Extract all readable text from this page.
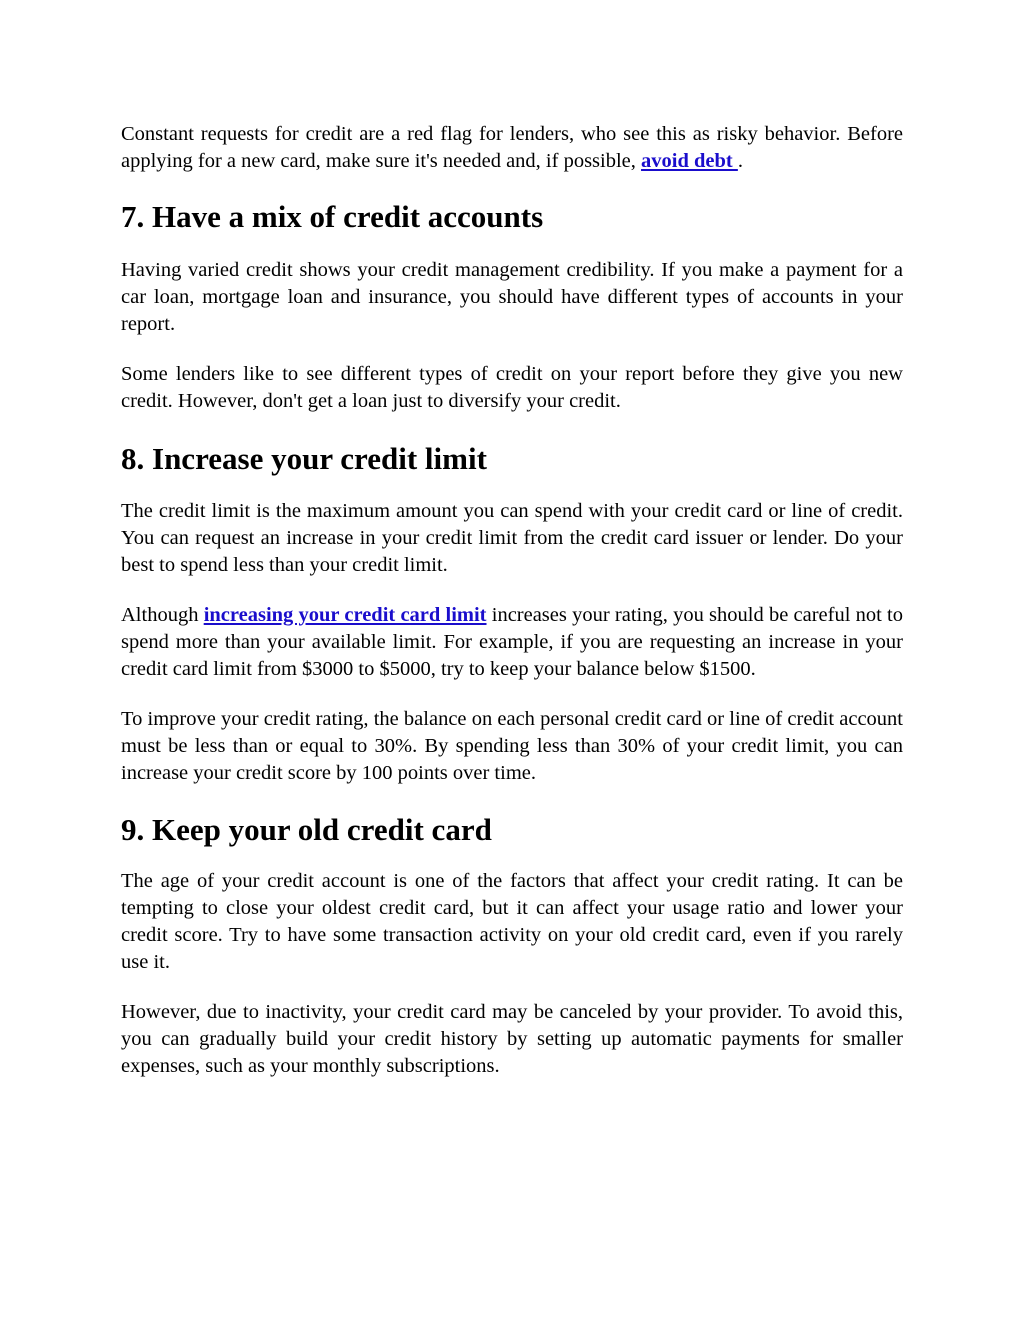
Constant requests for credit are a red flag for lenders, who see this as risky behavior. Before applying for a new card, make sure it's needed and, if possible, avoid debt .

7. Have a mix of credit accounts

Having varied credit shows your credit management credibility. If you make a payment for a car loan, mortgage loan and insurance, you should have different types of accounts in your report.

Some lenders like to see different types of credit on your report before they give you new credit. However, don't get a loan just to diversify your credit.

8. Increase your credit limit

The credit limit is the maximum amount you can spend with your credit card or line of credit. You can request an increase in your credit limit from the credit card issuer or lender. Do your best to spend less than your credit limit.

Although increasing your credit card limit increases your rating, you should be careful not to spend more than your available limit. For example, if you are requesting an increase in your credit card limit from $3000 to $5000, try to keep your balance below $1500.

To improve your credit rating, the balance on each personal credit card or line of credit account must be less than or equal to 30%. By spending less than 30% of your credit limit, you can increase your credit score by 100 points over time.

9. Keep your old credit card

The age of your credit account is one of the factors that affect your credit rating. It can be tempting to close your oldest credit card, but it can affect your usage ratio and lower your credit score. Try to have some transaction activity on your old credit card, even if you rarely use it.

However, due to inactivity, your credit card may be canceled by your provider. To avoid this, you can gradually build your credit history by setting up automatic payments for smaller expenses, such as your monthly subscriptions.
